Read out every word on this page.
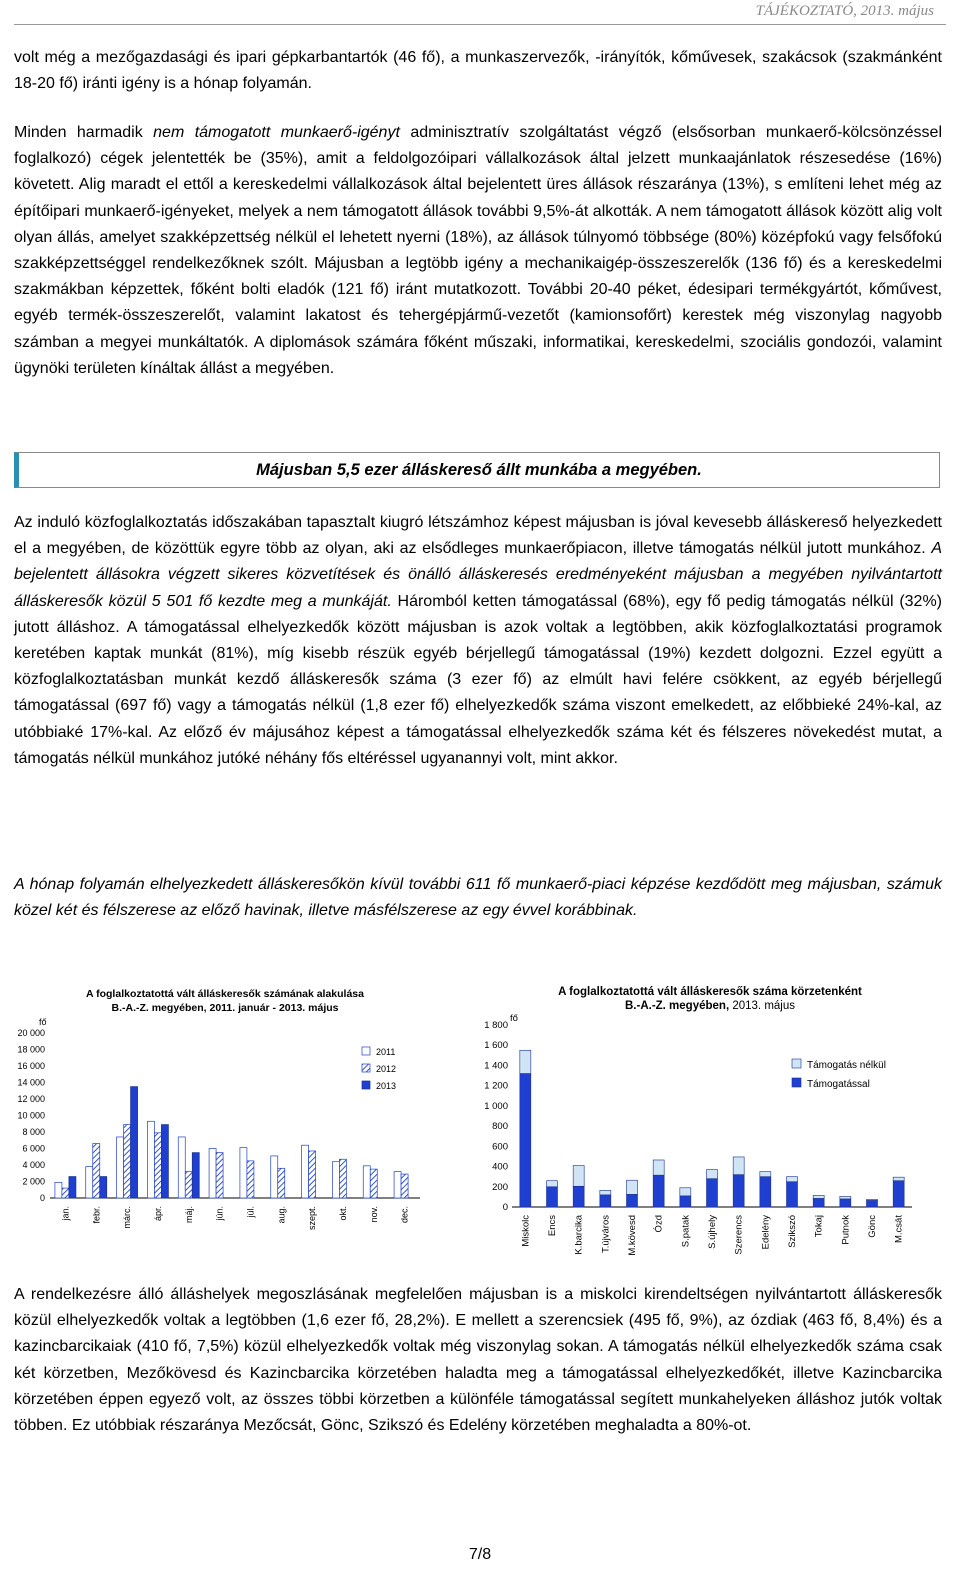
TÁJÉKOZTATÓ, 2013. május

volt még a mezőgazdasági és ipari gépkarbantartók (46 fő), a munkaszervezők, -irányítók, kőművesek, szakácsok (szakmánként 18-20 fő) iránti igény is a hónap folyamán.

Minden harmadik nem támogatott munkaerő-igényt adminisztratív szolgáltatást végző (elsősorban munkaerő-kölcsönzéssel foglalkozó) cégek jelentették be (35%), amit a feldolgozóipari vállalkozások által jelzett munkaajánlatok részesedése (16%) követett. Alig maradt el ettől a kereskedelmi vállalkozások által bejelentett üres állások részaránya (13%), s említeni lehet még az építőipari munkaerő-igényeket, melyek a nem támogatott állások további 9,5%-át alkották. A nem támogatott állások között alig volt olyan állás, amelyet szakképzettség nélkül el lehetett nyerni (18%), az állások túlnyomó többsége (80%) középfokú vagy felsőfokú szakképzettséggel rendelkezőknek szólt. Májusban a legtöbb igény a mechanikaigép-összeszerelők (136 fő) és a kereskedelmi szakmákban képzettek, főként bolti eladók (121 fő) iránt mutatkozott. További 20-40 péket, édesipari termékgyártót, kőművest, egyéb termék-összeszerelőt, valamint lakatost és tehergépjármű-vezetőt (kamionsofőrt) kerestek még viszonylag nagyobb számban a megyei munkáltatók. A diplomások számára főként műszaki, informatikai, kereskedelmi, szociális gondozói, valamint ügynöki területen kínáltak állást a megyében.

Májusban 5,5 ezer álláskereső állt munkába a megyében.

Az induló közfoglalkoztatás időszakában tapasztalt kiugró létszámhoz képest májusban is jóval kevesebb álláskereső helyezkedett el a megyében, de közöttük egyre több az olyan, aki az elsődleges munkaerőpiacon, illetve támogatás nélkül jutott munkához. A bejelentett állásokra végzett sikeres közvetítések és önálló álláskeresés eredményeként májusban a megyében nyilvántartott álláskeresők közül 5 501 fő kezdte meg a munkáját. Háromból ketten támogatással (68%), egy fő pedig támogatás nélkül (32%) jutott álláshoz. A támogatással elhelyezkedők között májusban is azok voltak a legtöbben, akik közfoglalkoztatási programok keretében kaptak munkát (81%), míg kisebb részük egyéb bérjellegű támogatással (19%) kezdett dolgozni. Ezzel együtt a közfoglalkoztatásban munkát kezdő álláskeresők száma (3 ezer fő) az elmúlt havi felére csökkent, az egyéb bérjellegű támogatással (697 fő) vagy a támogatás nélkül (1,8 ezer fő) elhelyezkedők száma viszont emelkedett, az előbbieké 24%-kal, az utóbbiaké 17%-kal. Az előző év májusához képest a támogatással elhelyezkedők száma két és félszeres növekedést mutat, a támogatás nélkül munkához jutóké néhány fős eltéréssel ugyanannyi volt, mint akkor.

A hónap folyamán elhelyezkedett álláskeresőkön kívül további 611 fő munkaerő-piaci képzése kezdődött meg májusban, számuk közel két és félszerese az előző havinak, illetve másfélszerese az egy évvel korábbinak.

A foglalkoztatottá vált álláskeresők számának alakulása
B.-A.-Z. megyében, 2011. január - 2013. május
fő
0
2 000
4 000
6 000
8 000
10 000
12 000
14 000
16 000
18 000
20 000
jan. febr. márc. ápr. máj. jún. júl. aug. szept. okt. nov. dec.
2011
2012
2013
A foglalkoztatottá vált álláskeresők száma körzetenként
B.-A.-Z. megyében, 2013. május
fő
0
200
400
600
800
1 000
1 200
1 400
1 600
1 800
Miskolc Encs K.barcika T.újváros M.kövesd Ózd S.patak S.újhely Szerencs Edelény Szikszó Tokaj Putnok Gönc M.csát
Támogatás nélkül
Támogatással

A rendelkezésre álló álláshelyek megoszlásának megfelelően májusban is a miskolci kirendeltségen nyilvántartott álláskeresők közül elhelyezkedők voltak a legtöbben (1,6 ezer fő, 28,2%). E mellett a szerencsiek (495 fő, 9%), az ózdiak (463 fő, 8,4%) és a kazincbarcikaiak (410 fő, 7,5%) közül elhelyezkedők voltak még viszonylag sokan. A támogatás nélkül elhelyezkedők száma csak két körzetben, Mezőkövesd és Kazincbarcika körzetében haladta meg a támogatással elhelyezkedőkét, illetve Kazincbarcika körzetében éppen egyező volt, az összes többi körzetben a különféle támogatással segített munkahelyeken álláshoz jutók voltak többen. Ez utóbbiak részaránya Mezőcsát, Gönc, Szikszó és Edelény körzetében meghaladta a 80%-ot.

7/8
